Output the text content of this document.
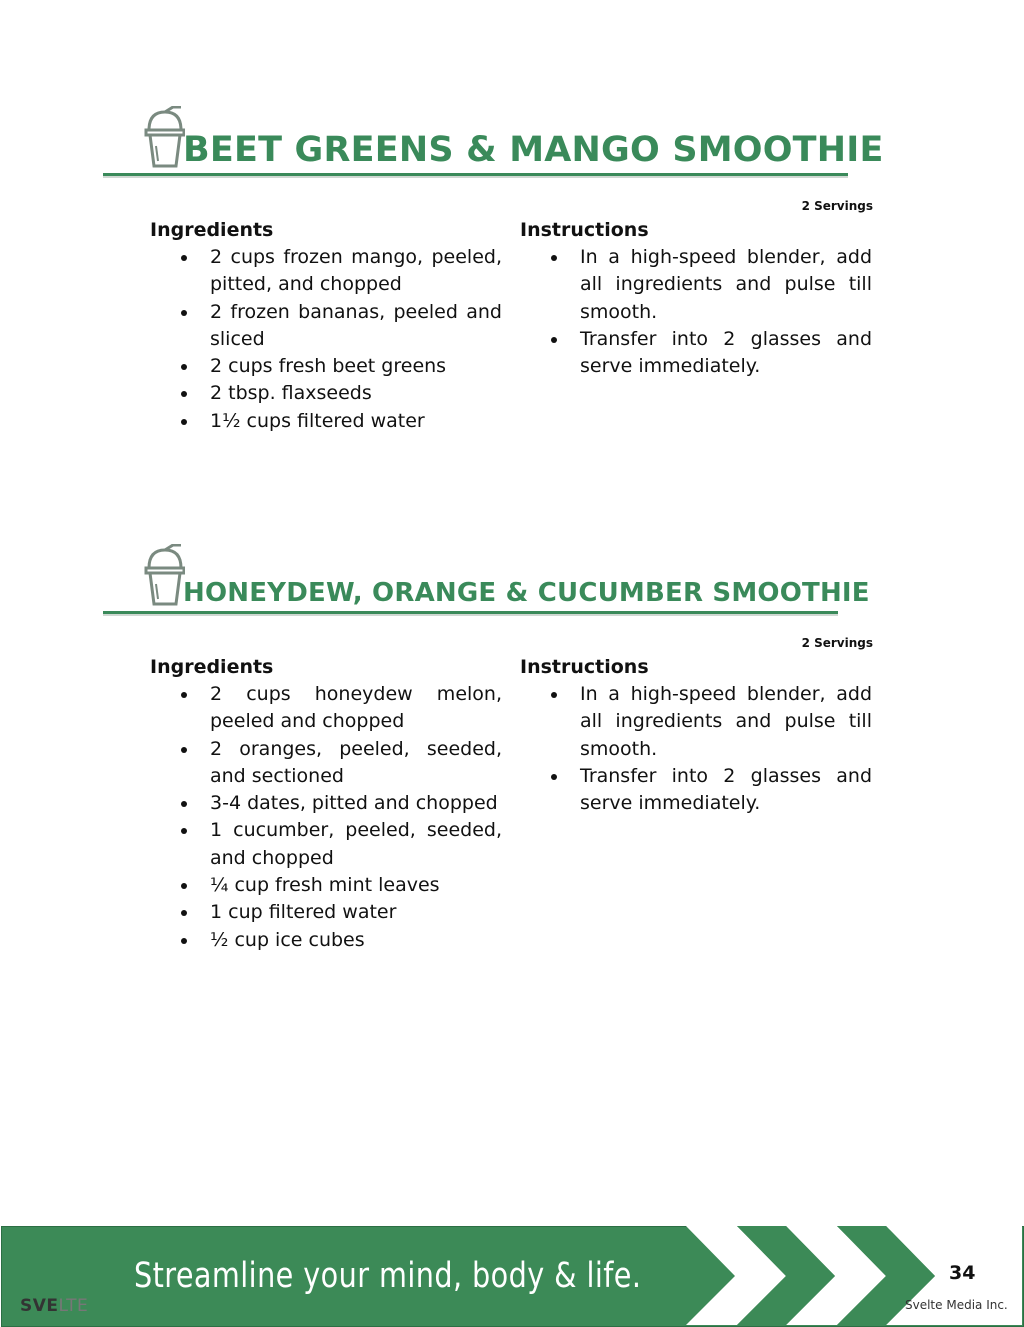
BEET GREENS & MANGO SMOOTHIE
2 Servings
Ingredients
2 cups frozen mango, peeled, pitted, and chopped
2 frozen bananas, peeled and sliced
2 cups fresh beet greens
2 tbsp. flaxseeds
1½ cups filtered water
Instructions
In a high-speed blender, add all ingredients and pulse till smooth.
Transfer into 2 glasses and serve immediately.
HONEYDEW, ORANGE & CUCUMBER SMOOTHIE
2 Servings
Ingredients
2 cups honeydew melon, peeled and chopped
2 oranges, peeled, seeded, and sectioned
3-4 dates, pitted and chopped
1 cucumber, peeled, seeded, and chopped
¼ cup fresh mint leaves
1 cup filtered water
½ cup ice cubes
Instructions
In a high-speed blender, add all ingredients and pulse till smooth.
Transfer into 2 glasses and serve immediately.
Streamline your mind, body & life.	34
Svelte Media Inc.
SVELTE
